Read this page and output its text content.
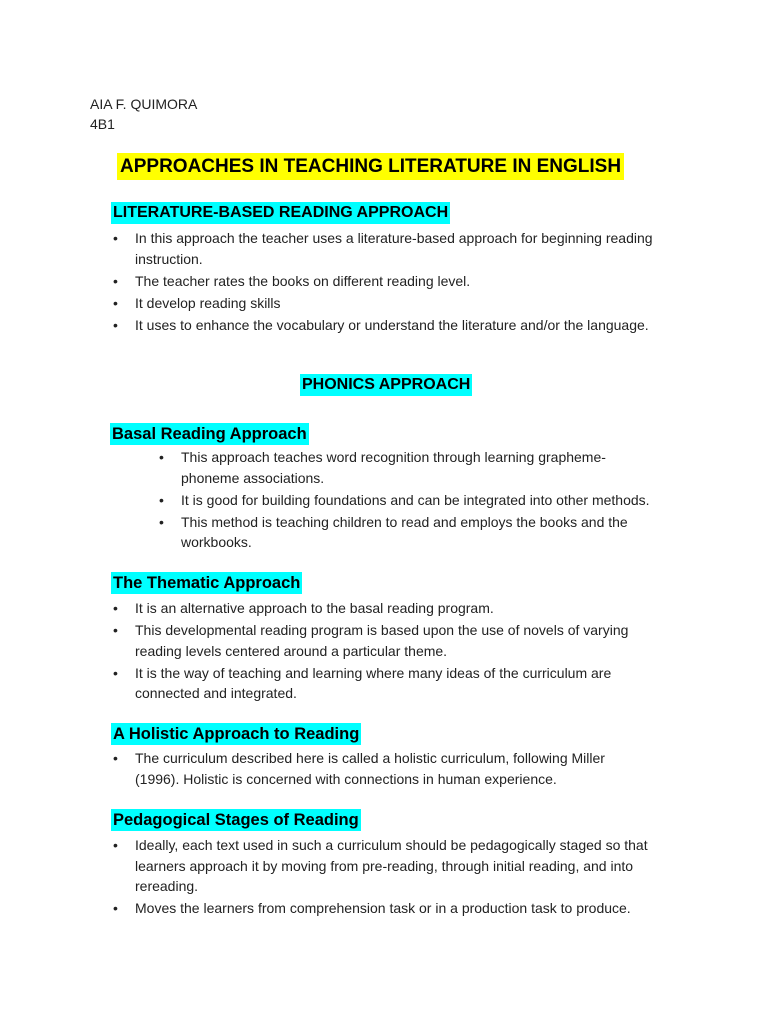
AIA F. QUIMORA
4B1
APPROACHES IN TEACHING LITERATURE IN ENGLISH
LITERATURE-BASED READING APPROACH
• In this approach the teacher uses a literature-based approach for beginning reading instruction.
• The teacher rates the books on different reading level.
• It develop reading skills
• It uses to enhance the vocabulary or understand the literature and/or the language.
PHONICS APPROACH
Basal Reading Approach
• This approach teaches word recognition through learning grapheme-phoneme associations.
• It is good for building foundations and can be integrated into other methods.
• This method is teaching children to read and employs the books and the workbooks.
The Thematic Approach
• It is an alternative approach to the basal reading program.
• This developmental reading program is based upon the use of novels of varying reading levels centered around a particular theme.
• It is the way of teaching and learning where many ideas of the curriculum are connected and integrated.
A Holistic Approach to Reading
• The curriculum described here is called a holistic curriculum, following Miller (1996). Holistic is concerned with connections in human experience.
Pedagogical Stages of Reading
• Ideally, each text used in such a curriculum should be pedagogically staged so that learners approach it by moving from pre-reading, through initial reading, and into rereading.
• Moves the learners from comprehension task or in a production task to produce.
